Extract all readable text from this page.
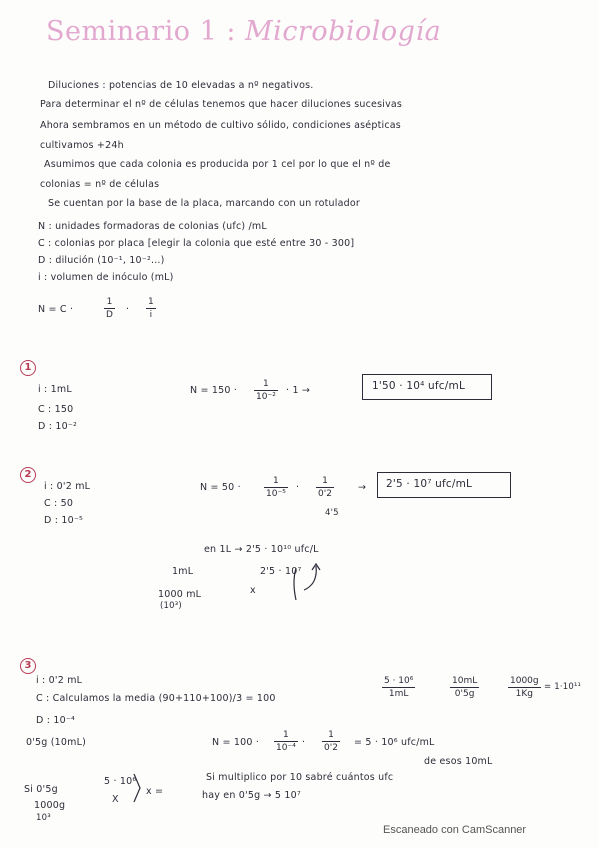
Seminario 1 : Microbiología
Diluciones : potencias de 10 elevadas a nº negativos.
Para determinar el nº de células tenemos que hacer diluciones sucesivas
Ahora sembramos en un método de cultivo sólido, condiciones asépticas
cultivamos +24h
Asumimos que cada colonia es producida por 1 cel por lo que el nº de
colonias = nº de células
Se cuentan por la base de la placa, marcando con un rotulador
N : unidades formadoras de colonias (ufc) /mL
C : colonias por placa [elegir la colonia que esté entre 30 - 300]
D : dilución (10⁻¹, 10⁻²...)
i : volumen de inóculo (mL)
N = C ·
1
D ·
1
i
1
i : 1mL
C : 150
D : 10⁻²
N = 150 ·
1
10⁻²
· 1 →	1'50 · 10⁴ ufc/mL
2
i : 0'2 mL
C : 50
D : 10⁻⁵
N = 50 ·
1
10⁻⁵
·
1
0'2
4'5
→ 2'5 · 10⁷ ufc/mL
en 1L → 2'5 · 10¹⁰ ufc/L
1mL	2'5 · 10⁷
1000 mL
(10³)
x
3
i : 0'2 mL
C : Calculamos la media (90+110+100)/3 = 100
D : 10⁻⁴
0'5g (10mL)
5 · 10⁶
1mL
10mL
0'5g
1000g
1Kg
= 1·10¹¹
N = 100 ·
1
10⁻⁴ ·
1
0'2 = 5 · 10⁶ ufc/mL
de esos 10mL
Si 0'5g
5 · 10⁶
1000g
X
x =
10³
Si multiplico por 10 sabré cuántos ufc
hay en 0'5g → 5 10⁷
Escaneado con CamScanner
